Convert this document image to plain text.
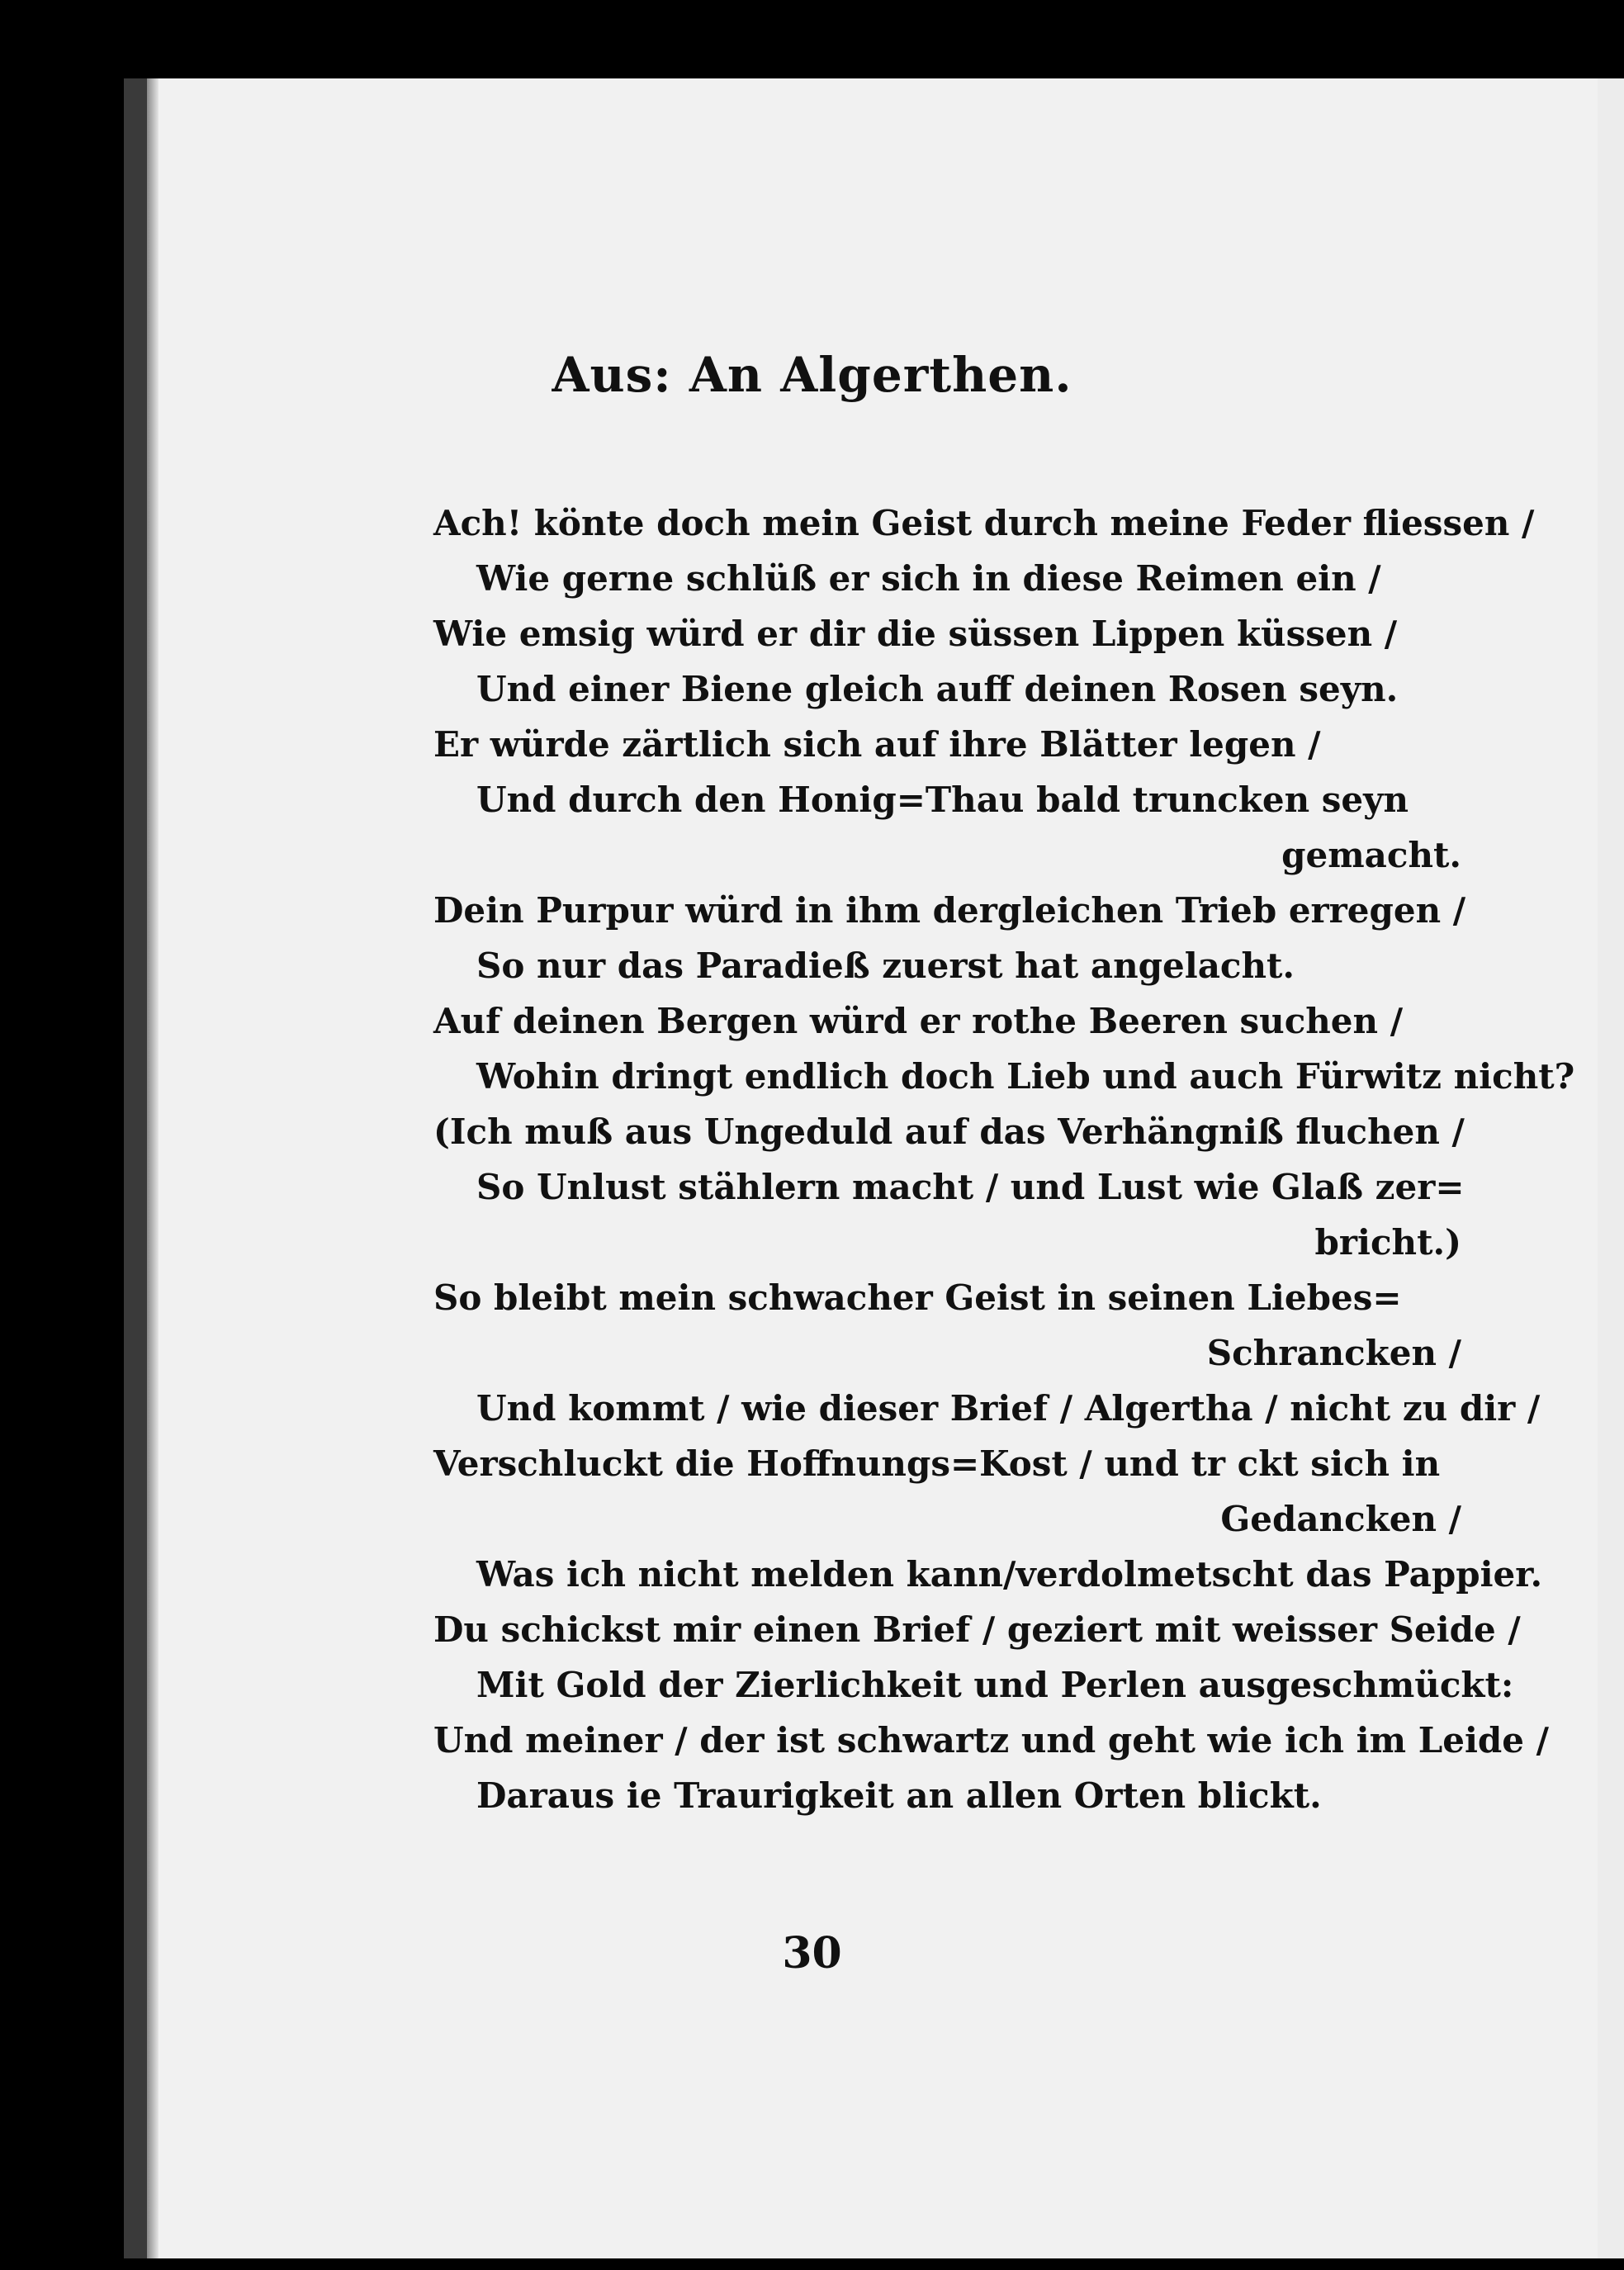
Aus: An Algerthen.
Ach! könte doch mein Geist durch meine Feder fliessen /
Wie gerne schlüß er sich in diese Reimen ein /
Wie emsig würd er dir die süssen Lippen küssen /
Und einer Biene gleich auff deinen Rosen seyn.
Er würde zärtlich sich auf ihre Blätter legen /
Und durch den Honig=Thau bald truncken seyn
gemacht.
Dein Purpur würd in ihm dergleichen Trieb erregen /
So nur das Paradieß zuerst hat angelacht.
Auf deinen Bergen würd er rothe Beeren suchen /
Wohin dringt endlich doch Lieb und auch Fürwitz nicht?
(Ich muß aus Ungeduld auf das Verhängniß fluchen /
So Unlust stählern macht / und Lust wie Glaß zer=
bricht.)
So bleibt mein schwacher Geist in seinen Liebes=
Schrancken /
Und kommt / wie dieser Brief / Algertha / nicht zu dir /
Verschluckt die Hoffnungs=Kost / und tr ckt sich in
Gedancken /
Was ich nicht melden kann/verdolmetscht das Pappier.
Du schickst mir einen Brief / geziert mit weisser Seide /
Mit Gold der Zierlichkeit und Perlen ausgeschmückt:
Und meiner / der ist schwartz und geht wie ich im Leide /
Daraus ie Traurigkeit an allen Orten blickt.
30
